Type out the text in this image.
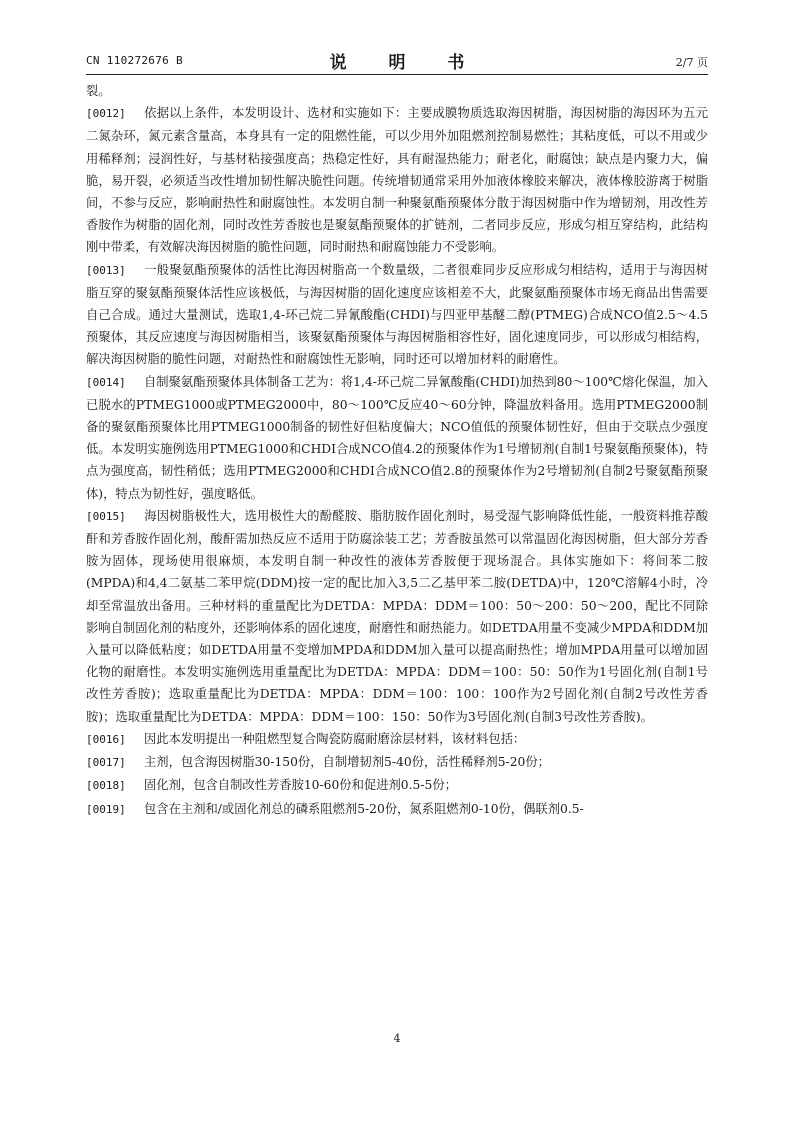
CN 110272676 B	说 明 书	2/7 页

裂。

[0012] 依据以上条件，本发明设计、选材和实施如下：主要成膜物质选取海因树脂，海因树脂的海因环为五元二氮杂环，氮元素含量高，本身具有一定的阻燃性能，可以少用外加阻燃剂控制易燃性；其粘度低，可以不用或少用稀释剂；浸润性好，与基材粘接强度高；热稳定性好，具有耐湿热能力；耐老化，耐腐蚀；缺点是内聚力大，偏脆，易开裂，必须适当改性增加韧性解决脆性问题。传统增韧通常采用外加液体橡胶来解决，液体橡胶游离于树脂间，不参与反应，影响耐热性和耐腐蚀性。本发明自制一种聚氨酯预聚体分散于海因树脂中作为增韧剂，用改性芳香胺作为树脂的固化剂，同时改性芳香胺也是聚氨酯预聚体的扩链剂，二者同步反应，形成匀相互穿结构，此结构刚中带柔，有效解决海因树脂的脆性问题，同时耐热和耐腐蚀能力不受影响。

[0013] 一般聚氨酯预聚体的活性比海因树脂高一个数量级，二者很难同步反应形成匀相结构，适用于与海因树脂互穿的聚氨酯预聚体活性应该极低，与海因树脂的固化速度应该相差不大，此聚氨酯预聚体市场无商品出售需要自己合成。通过大量测试，选取1,4-环己烷二异氰酸酯(CHDI)与四亚甲基醚二醇(PTMEG)合成NCO值2.5～4.5预聚体，其反应速度与海因树脂相当，该聚氨酯预聚体与海因树脂相容性好，固化速度同步，可以形成匀相结构，解决海因树脂的脆性问题，对耐热性和耐腐蚀性无影响，同时还可以增加材料的耐磨性。

[0014] 自制聚氨酯预聚体具体制备工艺为：将1,4-环己烷二异氰酸酯(CHDI)加热到80～100℃熔化保温，加入已脱水的PTMEG1000或PTMEG2000中，80～100℃反应40～60分钟，降温放料备用。选用PTMEG2000制备的聚氨酯预聚体比用PTMEG1000制备的韧性好但粘度偏大；NCO值低的预聚体韧性好，但由于交联点少强度低。本发明实施例选用PTMEG1000和CHDI合成NCO值4.2的预聚体作为1号增韧剂(自制1号聚氨酯预聚体)，特点为强度高，韧性稍低；选用PTMEG2000和CHDI合成NCO值2.8的预聚体作为2号增韧剂(自制2号聚氨酯预聚体)，特点为韧性好，强度略低。

[0015] 海因树脂极性大，选用极性大的酚醛胺、脂肪胺作固化剂时，易受湿气影响降低性能，一般资料推荐酸酐和芳香胺作固化剂，酸酐需加热反应不适用于防腐涂装工艺；芳香胺虽然可以常温固化海因树脂，但大部分芳香胺为固体，现场使用很麻烦，本发明自制一种改性的液体芳香胺便于现场混合。具体实施如下：将间苯二胺(MPDA)和4,4二氨基二苯甲烷(DDM)按一定的配比加入3,5二乙基甲苯二胺(DETDA)中，120℃溶解4小时，冷却至常温放出备用。三种材料的重量配比为DETDA：MPDA：DDM＝100：50～200：50～200，配比不同除影响自制固化剂的粘度外，还影响体系的固化速度，耐磨性和耐热能力。如DETDA用量不变减少MPDA和DDM加入量可以降低粘度；如DETDA用量不变增加MPDA和DDM加入量可以提高耐热性；增加MPDA用量可以增加固化物的耐磨性。本发明实施例选用重量配比为DETDA：MPDA：DDM＝100：50：50作为1号固化剂(自制1号改性芳香胺)；选取重量配比为DETDA：MPDA：DDM＝100：100：100作为2号固化剂(自制2号改性芳香胺)；选取重量配比为DETDA：MPDA：DDM＝100：150：50作为3号固化剂(自制3号改性芳香胺)。

[0016] 因此本发明提出一种阻燃型复合陶瓷防腐耐磨涂层材料，该材料包括：

[0017] 主剂，包含海因树脂30-150份，自制增韧剂5-40份，活性稀释剂5-20份；

[0018] 固化剂，包含自制改性芳香胺10-60份和促进剂0.5-5份；

[0019] 包含在主剂和/或固化剂总的磷系阻燃剂5-20份，氮系阻燃剂0-10份，偶联剂0.5-

4
